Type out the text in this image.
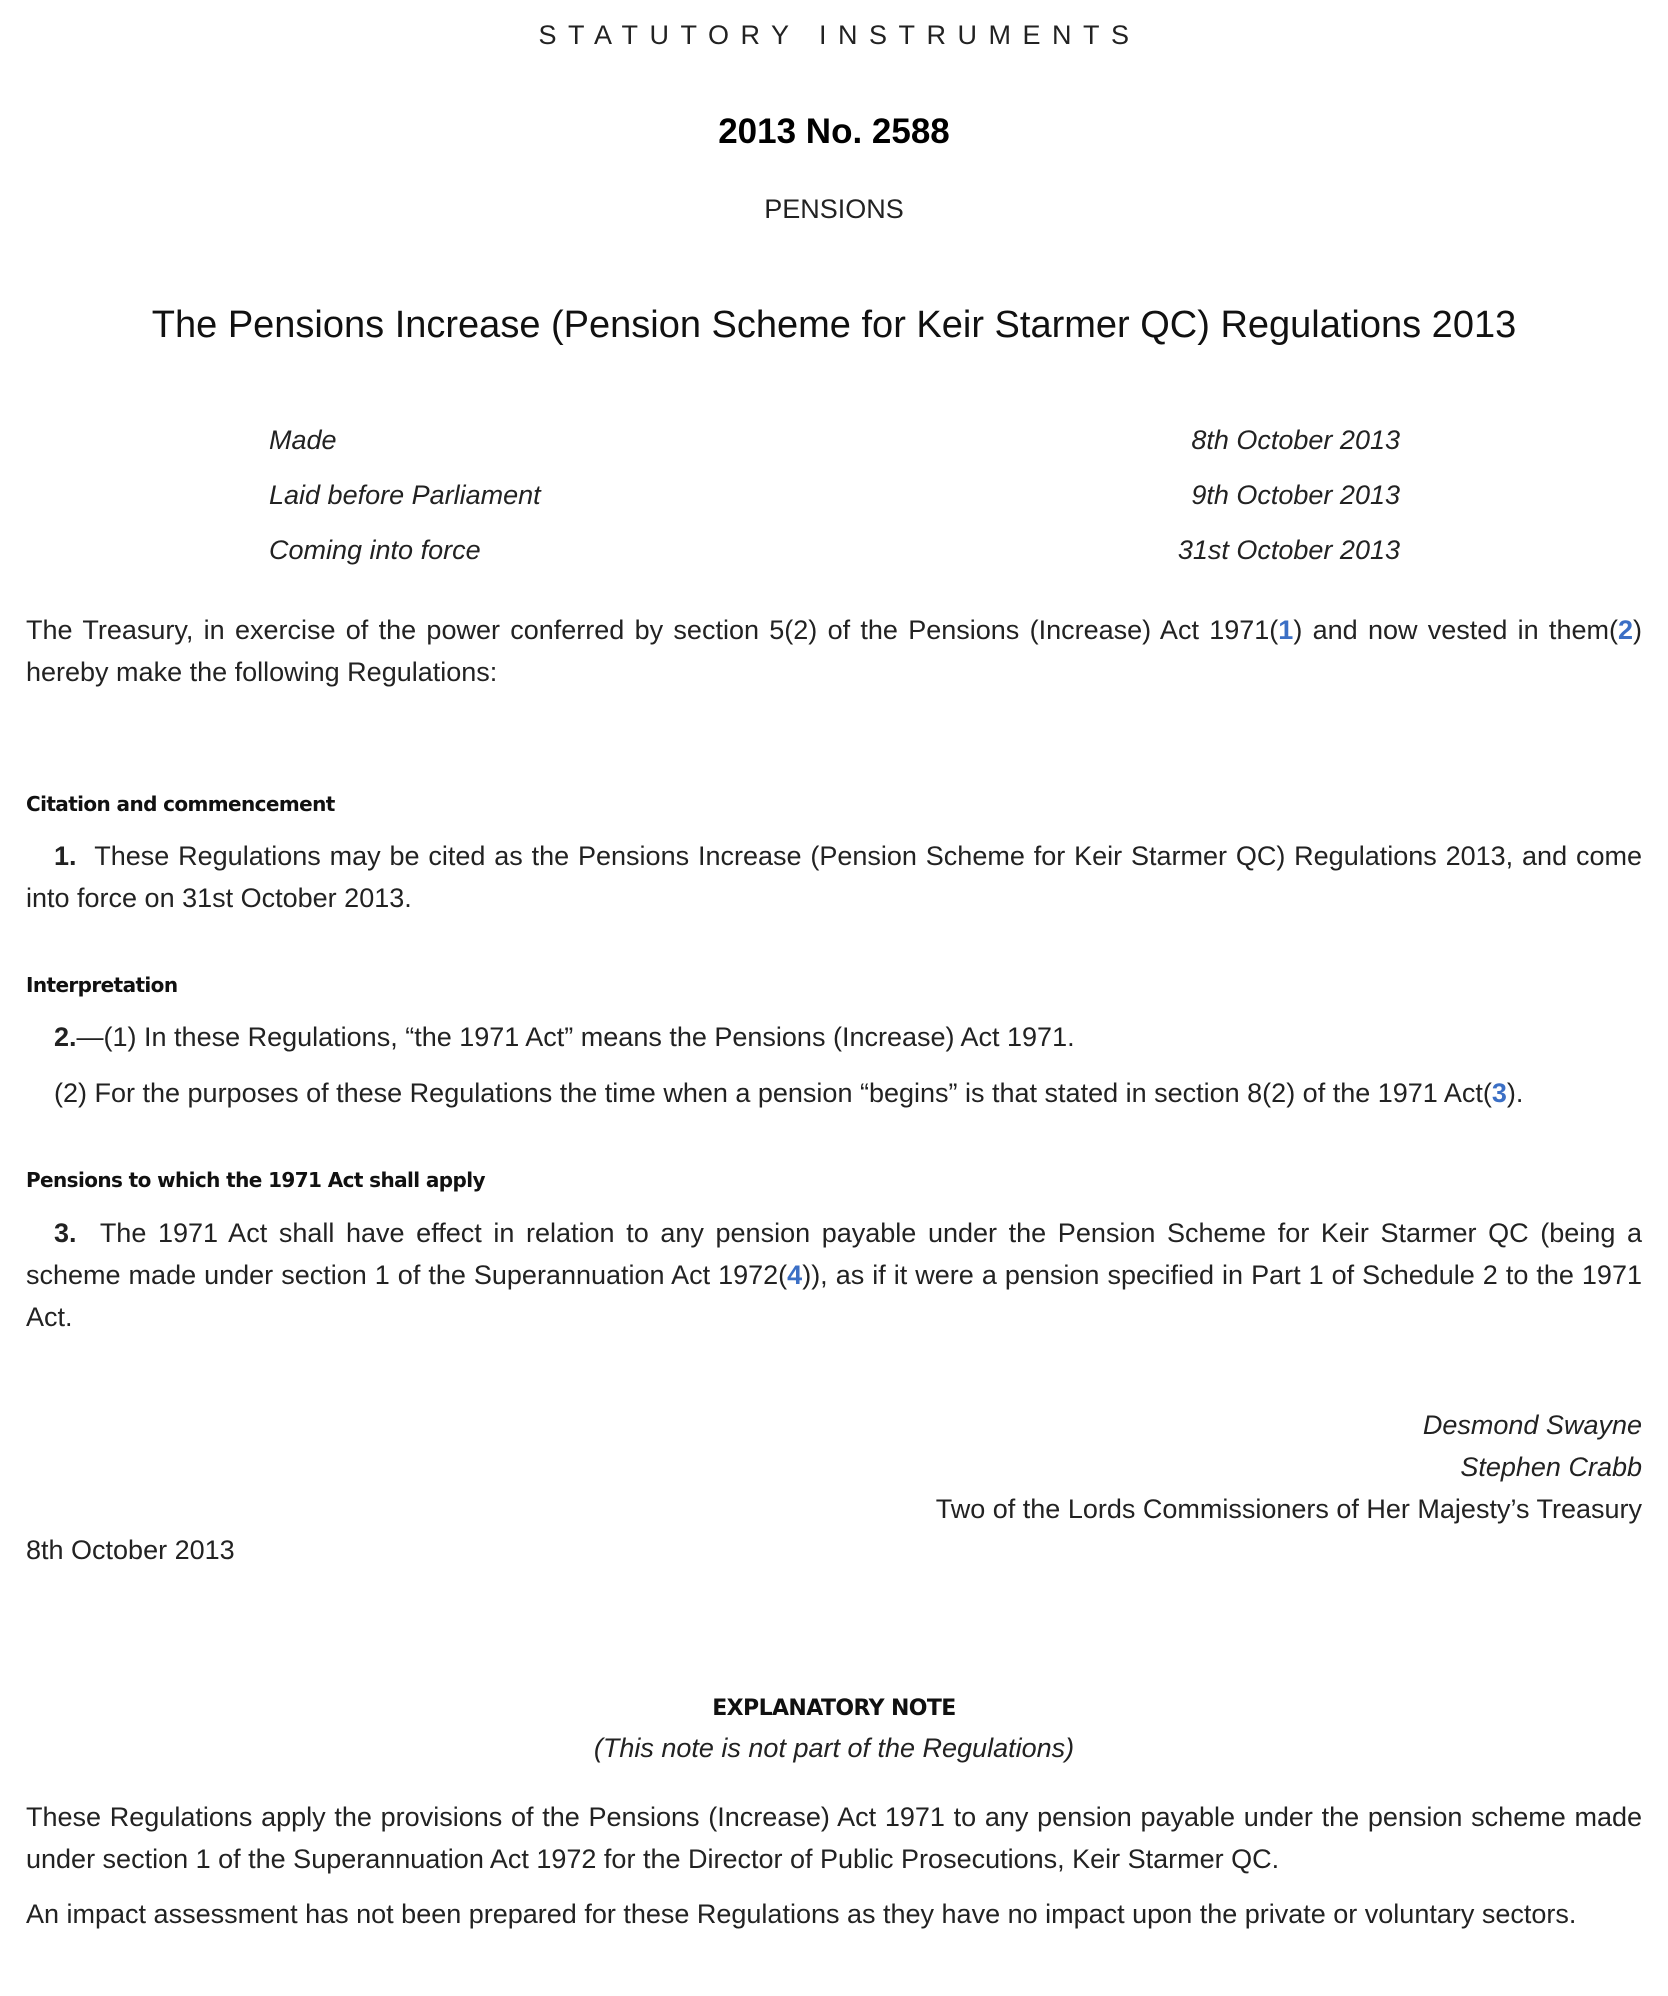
STATUTORY INSTRUMENTS
2013 No. 2588
PENSIONS
The Pensions Increase (Pension Scheme for Keir Starmer QC) Regulations 2013
Made	8th October 2013
Laid before Parliament	9th October 2013
Coming into force	31st October 2013

The Treasury, in exercise of the power conferred by section 5(2) of the Pensions (Increase) Act 1971(1) and now vested in them(2) hereby make the following Regulations:

Citation and commencement

1. These Regulations may be cited as the Pensions Increase (Pension Scheme for Keir Starmer QC) Regulations 2013, and come into force on 31st October 2013.

Interpretation

2.—(1) In these Regulations, “the 1971 Act” means the Pensions (Increase) Act 1971.

(2) For the purposes of these Regulations the time when a pension “begins” is that stated in section 8(2) of the 1971 Act(3).

Pensions to which the 1971 Act shall apply

3. The 1971 Act shall have effect in relation to any pension payable under the Pension Scheme for Keir Starmer QC (being a scheme made under section 1 of the Superannuation Act 1972(4)), as if it were a pension specified in Part 1 of Schedule 2 to the 1971 Act.

Desmond Swayne
Stephen Crabb
Two of the Lords Commissioners of Her Majesty’s Treasury
8th October 2013
EXPLANATORY NOTE
(This note is not part of the Regulations)

These Regulations apply the provisions of the Pensions (Increase) Act 1971 to any pension payable under the pension scheme made under section 1 of the Superannuation Act 1972 for the Director of Public Prosecutions, Keir Starmer QC.

An impact assessment has not been prepared for these Regulations as they have no impact upon the private or voluntary sectors.
